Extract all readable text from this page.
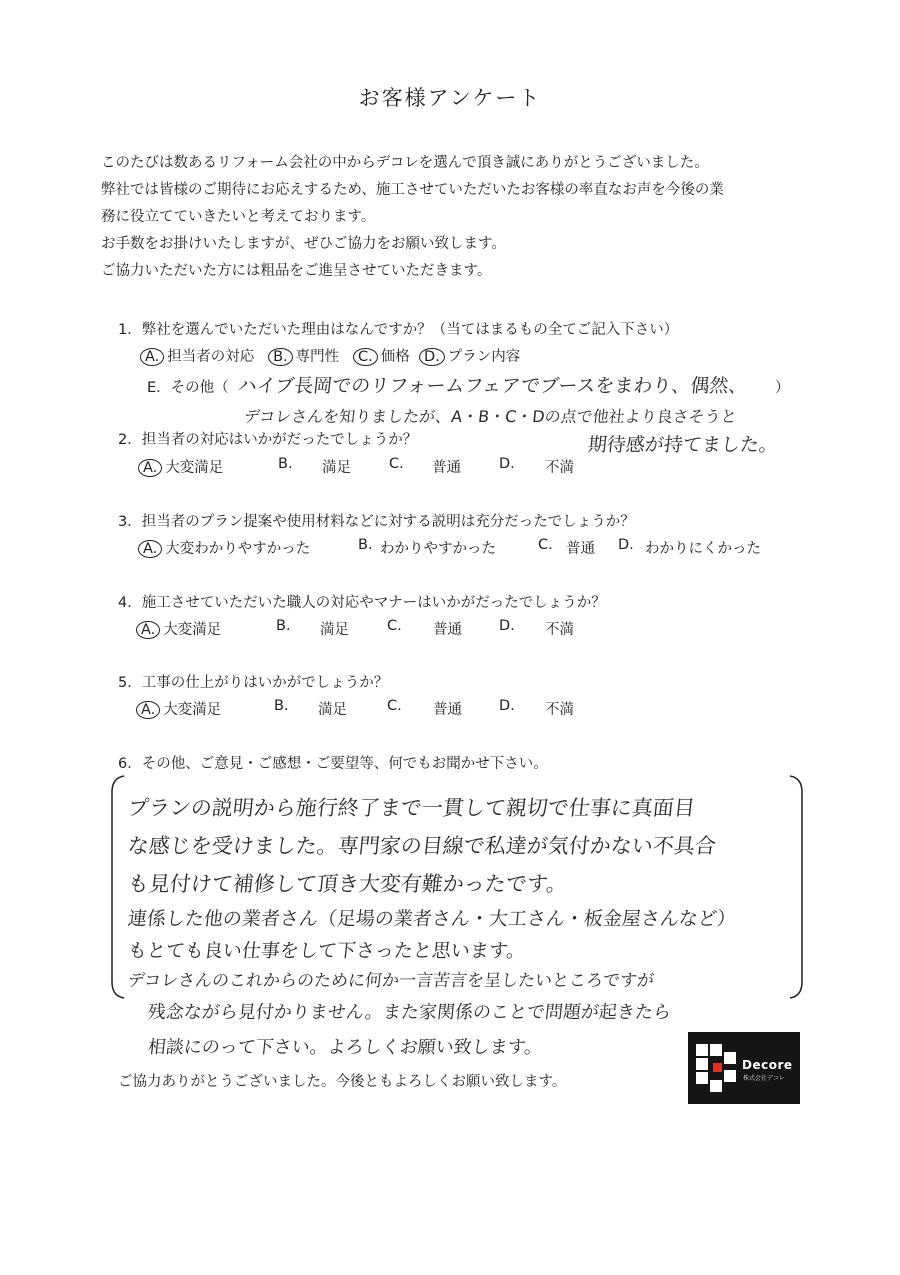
お客様アンケート
このたびは数あるリフォーム会社の中からデコレを選んで頂き誠にありがとうございました。
弊社では皆様のご期待にお応えするため、施工させていただいたお客様の率直なお声を今後の業
務に役立てていきたいと考えております。
お手数をお掛けいたしますが、ぜひご協力をお願い致します。
ご協力いただいた方には粗品をご進呈させていただきます。
1．弊社を選んでいただいた理由はなんですか？（当てはまるもの全てご記入下さい）
A. 担当者の対応 B. 専門性 C. 価格 D. プラン内容
E．その他（ ハイブ長岡でのリフォームフェアでブースをまわり、偶然、 ）
デコレさんを知りましたが、A・B・C・Dの点で他社より良さそうと
期待感が持てました。
2．担当者の対応はいかがだったでしょうか？
A. 大変満足	B. 満足	C. 普通	D. 不満
3．担当者のプラン提案や使用材料などに対する説明は充分だったでしょうか？
A. 大変わかりやすかった	B. わかりやすかった	C. 普通 D. わかりにくかった
4．施工させていただいた職人の対応やマナーはいかがだったでしょうか？
A. 大変満足	B. 満足	C. 普通	D. 不満
5．工事の仕上がりはいかがでしょうか？
A. 大変満足	B. 満足	C. 普通	D. 不満
6．その他、ご意見・ご感想・ご要望等、何でもお聞かせ下さい。
プランの説明から施行終了まで一貫して親切で仕事に真面目
な感じを受けました。専門家の目線で私達が気付かない不具合
も見付けて補修して頂き大変有難かったです。
連係した他の業者さん（足場の業者さん・大工さん・板金屋さんなど）
もとても良い仕事をして下さったと思います。
デコレさんのこれからのために何か一言苦言を呈したいところですが
残念ながら見付かりません。また家関係のことで問題が起きたら
相談にのって下さい。よろしくお願い致します。
ご協力ありがとうございました。今後ともよろしくお願い致します。
Decore
株式会社デコレ
